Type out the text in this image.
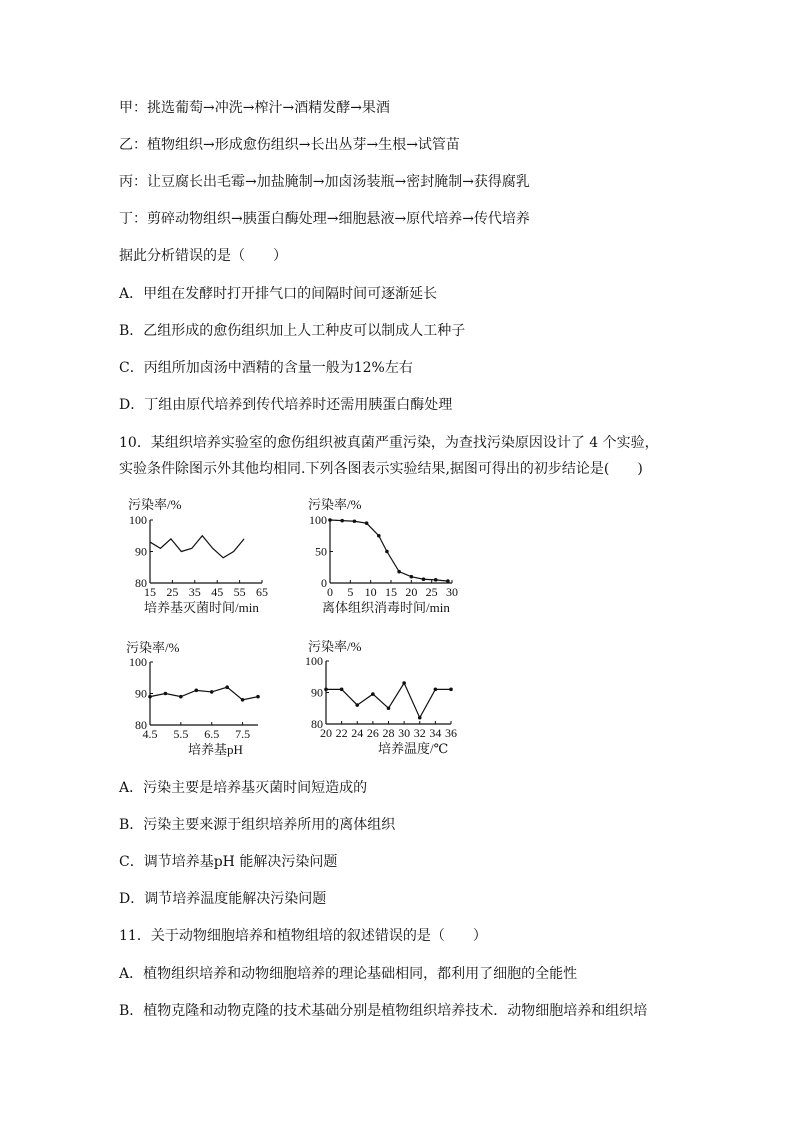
甲：挑选葡萄→冲洗→榨汁→酒精发酵→果酒
乙：植物组织→形成愈伤组织→长出丛芽→生根→试管苗
丙：让豆腐长出毛霉→加盐腌制→加卤汤装瓶→密封腌制→获得腐乳
丁：剪碎动物组织→胰蛋白酶处理→细胞悬液→原代培养→传代培养
据此分析错误的是（　　）
A．甲组在发酵时打开排气口的间隔时间可逐渐延长
B．乙组形成的愈伤组织加上人工种皮可以制成人工种子
C．丙组所加卤汤中酒精的含量一般为12%左右
D．丁组由原代培养到传代培养时还需用胰蛋白酶处理
10．某组织培养实验室的愈伤组织被真菌严重污染，为查找污染原因设计了 4 个实验，
实验条件除图示外其他均相同.下列各图表示实验结果,据图可得出的初步结论是(　　)
A．污染主要是培养基灭菌时间短造成的
B．污染主要来源于组织培养所用的离体组织
C．调节培养基pH 能解决污染问题
D．调节培养温度能解决污染问题
11．关于动物细胞培养和植物组培的叙述错误的是（　　）
A．植物组织培养和动物细胞培养的理论基础相同，都利用了细胞的全能性
B．植物克隆和动物克隆的技术基础分别是植物组织培养技术．动物细胞培养和组织培
污染率/%
80
90
100
15 25 35 45 55 65
培养基灭菌时间/min
污染率/%
0
50
100
0 5 10 15 20 25 30
离体组织消毒时间/min
污染率/%
80
90
100
4.5 5.5 6.5 7.5
培养基pH
污染率/%
80
90
100
20 22 24 26 28 30 32 34 36
培养温度/℃
